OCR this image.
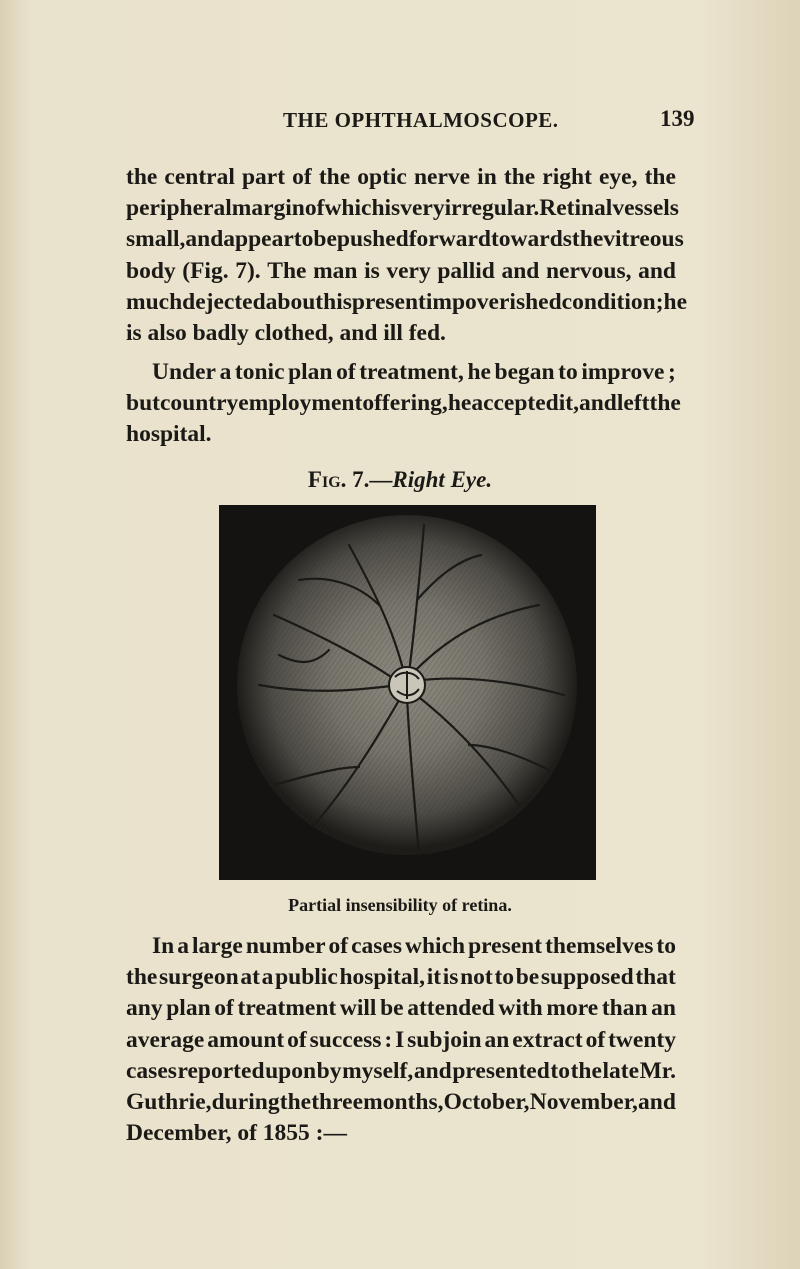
THE OPHTHALMOSCOPE.	139
the central part of the optic nerve in the right eye, the
peripheral margin of which is very irregular. Retinal vessels
small, and appear to be pushed forward towards the vitreous
body (Fig. 7). The man is very pallid and nervous, and
much dejected about his present impoverished condition ; he
is also badly clothed, and ill fed.
Under a tonic plan of treatment, he began to improve ;
but country employment offering, he accepted it, and left the
hospital.
Fig. 7.—Right Eye.
Partial insensibility of retina.
In a large number of cases which present themselves to
the surgeon at a public hospital, it is not to be supposed that
any plan of treatment will be attended with more than an
average amount of success : I subjoin an extract of twenty
cases reported upon by myself, and presented to the late Mr.
Guthrie, during the three months, October, November, and
December, of 1855 :—
